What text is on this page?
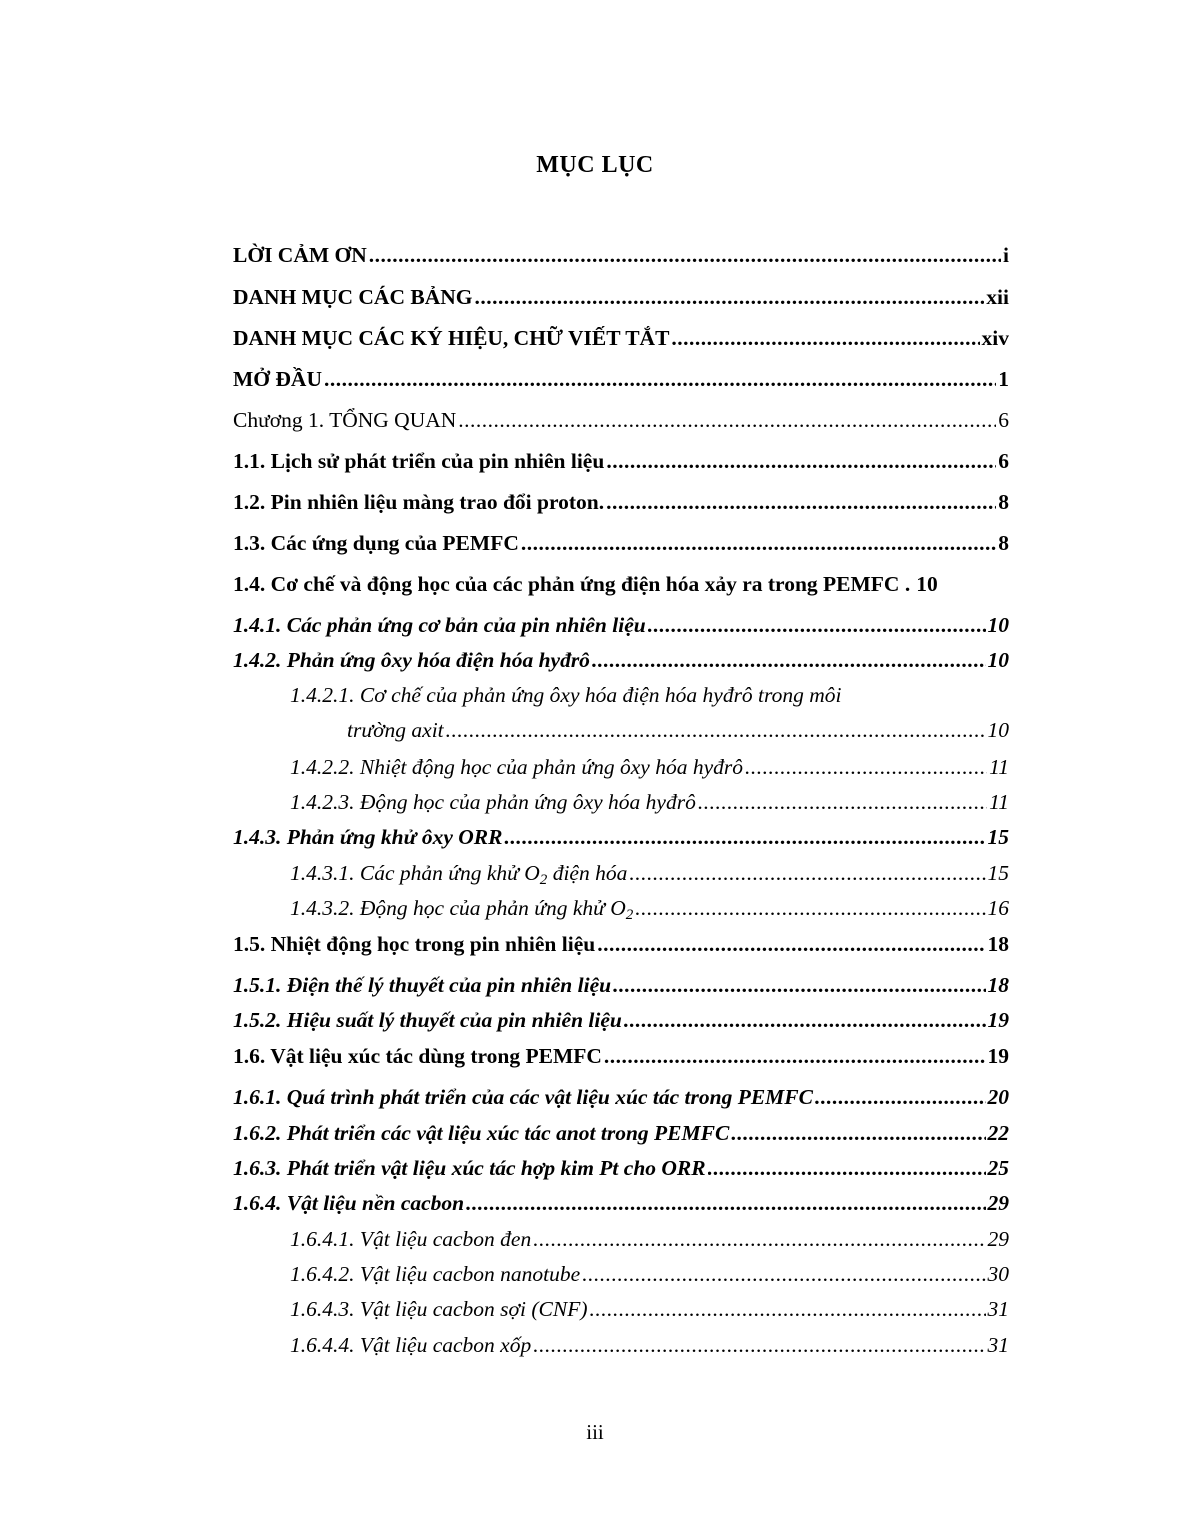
MỤC LỤC
LỜI CẢM ƠN .....	i
DANH MỤC CÁC BẢNG .....	xii
DANH MỤC CÁC KÝ HIỆU, CHỮ VIẾT TẮT .....	xiv
MỞ ĐẦU .....	1
Chương 1. TỔNG QUAN .....	6
1.1. Lịch sử phát triển của pin nhiên liệu .....	6
1.2. Pin nhiên liệu màng trao đổi proton. .....	8
1.3. Các ứng dụng của PEMFC .....	8
1.4. Cơ chế và động học của các phản ứng điện hóa xảy ra trong PEMFC . 10
1.4.1. Các phản ứng cơ bản của pin nhiên liệu .....	10
1.4.2. Phản ứng ôxy hóa điện hóa hyđrô .....	10
1.4.2.1. Cơ chế của phản ứng ôxy hóa điện hóa hyđrô trong môi
trường axit .....	10
1.4.2.2. Nhiệt động học của phản ứng ôxy hóa hyđrô .....	11
1.4.2.3. Động học của phản ứng ôxy hóa hyđrô .....	11
1.4.3. Phản ứng khử ôxy ORR .....	15
1.4.3.1. Các phản ứng khử $O_2$ điện hóa .....	15
1.4.3.2. Động học của phản ứng khử $O_2$ .....	16
1.5. Nhiệt động học trong pin nhiên liệu .....	18
1.5.1. Điện thế lý thuyết của pin nhiên liệu .....	18
1.5.2. Hiệu suất lý thuyết của pin nhiên liệu .....	19
1.6. Vật liệu xúc tác dùng trong PEMFC .....	19
1.6.1. Quá trình phát triển của các vật liệu xúc tác trong PEMFC .....	20
1.6.2. Phát triển các vật liệu xúc tác anot trong PEMFC .....	22
1.6.3. Phát triển vật liệu xúc tác hợp kim Pt cho ORR .....	25
1.6.4. Vật liệu nền cacbon .....	29
1.6.4.1. Vật liệu cacbon đen .....	29
1.6.4.2. Vật liệu cacbon nanotube .....	30
1.6.4.3. Vật liệu cacbon sợi (CNF) .....	31
1.6.4.4. Vật liệu cacbon xốp .....	31
iii
